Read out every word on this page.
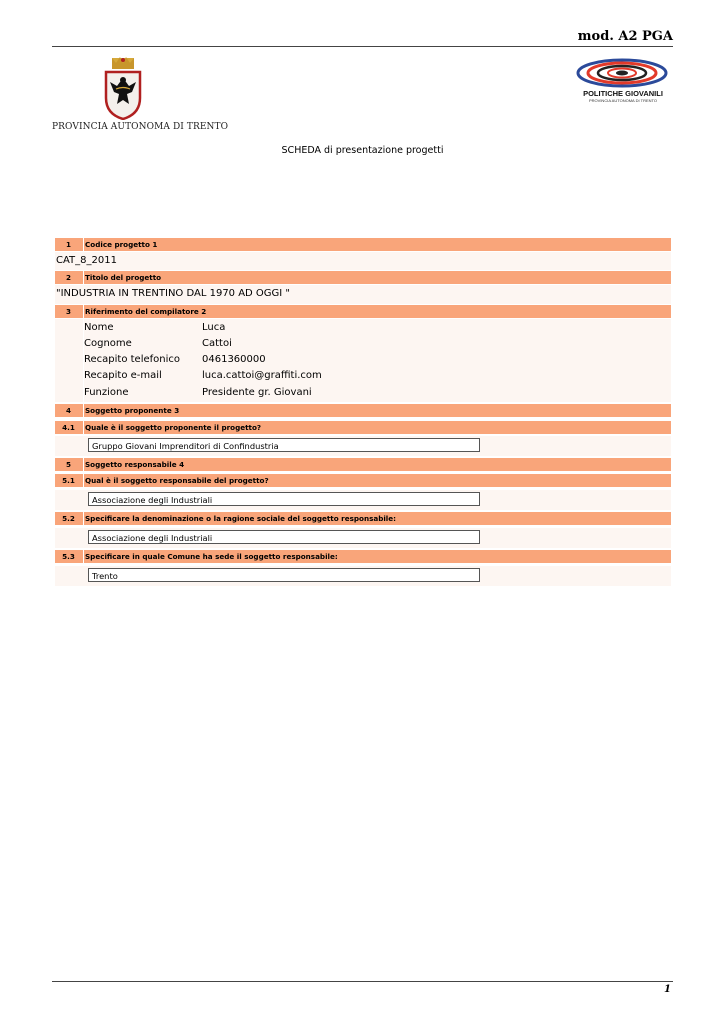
mod. A2 PGA
PROVINCIA AUTONOMA DI TRENTO
POLITICHE GIOVANILI
PROVINCIA AUTONOMA DI TRENTO
SCHEDA di presentazione progetti
1	Codice progetto 1
CAT_8_2011
2	Titolo del progetto
"INDUSTRIA IN TRENTINO DAL 1970 AD OGGI "
3	Riferimento del compilatore 2
Nome	Luca
Cognome	Cattoi
Recapito telefonico 0461360000
Recapito e-mail	luca.cattoi@graffiti.com
Funzione	Presidente gr. Giovani
4	Soggetto proponente 3
4.1	Quale è il soggetto proponente il progetto?
Gruppo Giovani Imprenditori di Confindustria
5	Soggetto responsabile 4
5.1	Qual è il soggetto responsabile del progetto?
Associazione degli Industriali
5.2	Specificare la denominazione o la ragione sociale del soggetto responsabile:
Associazione degli Industriali
5.3	Specificare in quale Comune ha sede il soggetto responsabile:
Trento
1
